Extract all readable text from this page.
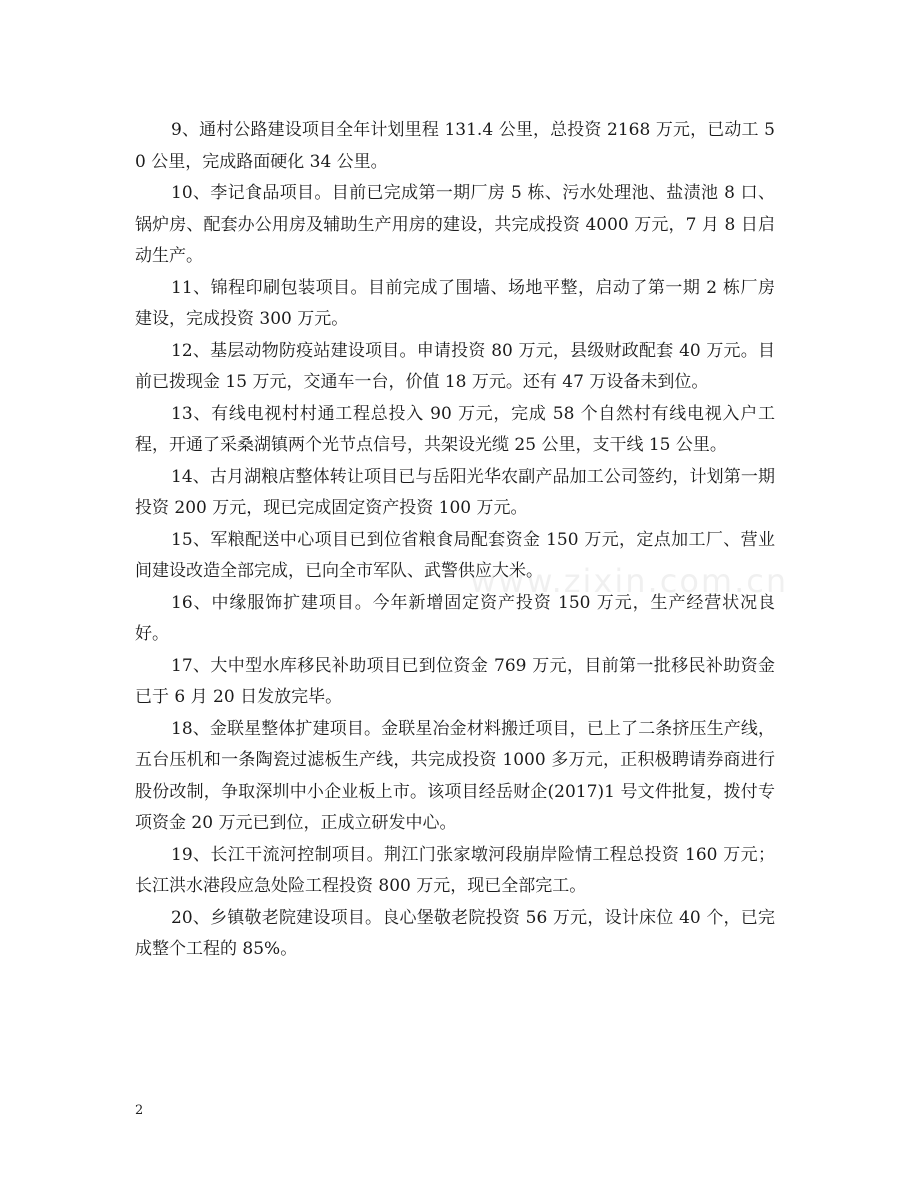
9、通村公路建设项目全年计划里程 131.4 公里，总投资 2168 万元，已动工 50 公里，完成路面硬化 34 公里。

10、李记食品项目。目前已完成第一期厂房 5 栋、污水处理池、盐渍池 8 口、锅炉房、配套办公用房及辅助生产用房的建设，共完成投资 4000 万元，7 月 8 日启动生产。

11、锦程印刷包装项目。目前完成了围墙、场地平整，启动了第一期 2 栋厂房建设，完成投资 300 万元。

12、基层动物防疫站建设项目。申请投资 80 万元，县级财政配套 40 万元。目前已拨现金 15 万元，交通车一台，价值 18 万元。还有 47 万设备未到位。

13、有线电视村村通工程总投入 90 万元，完成 58 个自然村有线电视入户工程，开通了采桑湖镇两个光节点信号，共架设光缆 25 公里，支干线 15 公里。

14、古月湖粮店整体转让项目已与岳阳光华农副产品加工公司签约，计划第一期投资 200 万元，现已完成固定资产投资 100 万元。

15、军粮配送中心项目已到位省粮食局配套资金 150 万元，定点加工厂、营业间建设改造全部完成，已向全市军队、武警供应大米。

16、中缘服饰扩建项目。今年新增固定资产投资 150 万元，生产经营状况良好。

17、大中型水库移民补助项目已到位资金 769 万元，目前第一批移民补助资金已于 6 月 20 日发放完毕。

18、金联星整体扩建项目。金联星冶金材料搬迁项目，已上了二条挤压生产线，五台压机和一条陶瓷过滤板生产线，共完成投资 1000 多万元，正积极聘请券商进行股份改制，争取深圳中小企业板上市。该项目经岳财企(2017)1 号文件批复，拨付专项资金 20 万元已到位，正成立研发中心。

19、长江干流河控制项目。荆江门张家墩河段崩岸险情工程总投资 160 万元；长江洪水港段应急处险工程投资 800 万元，现已全部完工。

20、乡镇敬老院建设项目。良心堡敬老院投资 56 万元，设计床位 40 个，已完成整个工程的 85%。

www.zixin.com.cn
2
